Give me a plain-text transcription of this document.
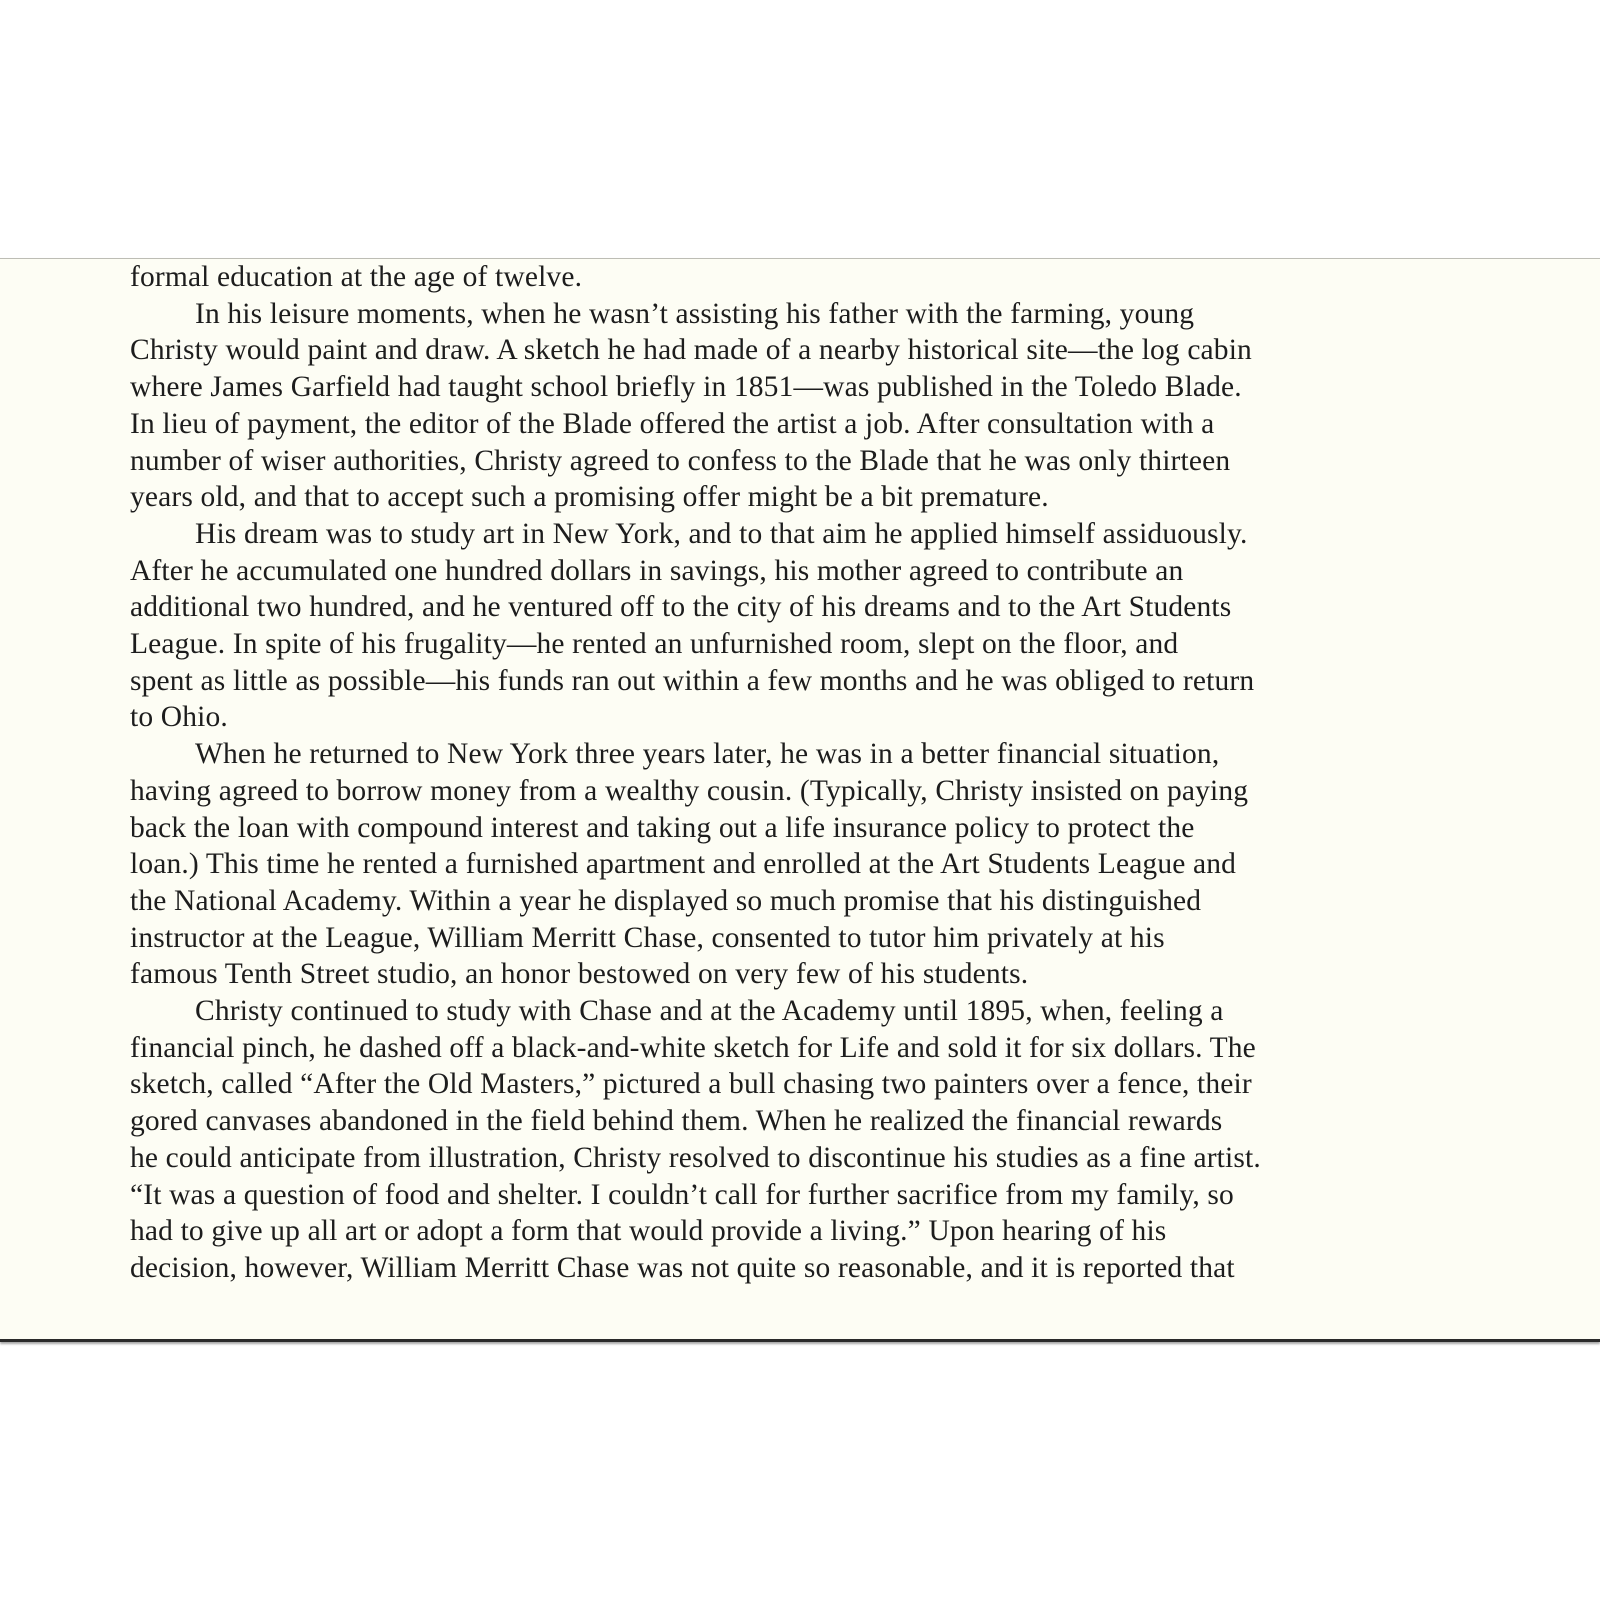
formal education at the age of twelve.
In his leisure moments, when he wasn’t assisting his father with the farming, young
Christy would paint and draw. A sketch he had made of a nearby historical site—the log cabin
where James Garfield had taught school briefly in 1851—was published in the Toledo Blade.
In lieu of payment, the editor of the Blade offered the artist a job. After consultation with a
number of wiser authorities, Christy agreed to confess to the Blade that he was only thirteen
years old, and that to accept such a promising offer might be a bit premature.
His dream was to study art in New York, and to that aim he applied himself assiduously.
After he accumulated one hundred dollars in savings, his mother agreed to contribute an
additional two hundred, and he ventured off to the city of his dreams and to the Art Students
League. In spite of his frugality—he rented an unfurnished room, slept on the floor, and
spent as little as possible—his funds ran out within a few months and he was obliged to return
to Ohio.
When he returned to New York three years later, he was in a better financial situation,
having agreed to borrow money from a wealthy cousin. (Typically, Christy insisted on paying
back the loan with compound interest and taking out a life insurance policy to protect the
loan.) This time he rented a furnished apartment and enrolled at the Art Students League and
the National Academy. Within a year he displayed so much promise that his distinguished
instructor at the League, William Merritt Chase, consented to tutor him privately at his
famous Tenth Street studio, an honor bestowed on very few of his students.
Christy continued to study with Chase and at the Academy until 1895, when, feeling a
financial pinch, he dashed off a black-and-white sketch for Life and sold it for six dollars. The
sketch, called “After the Old Masters,” pictured a bull chasing two painters over a fence, their
gored canvases abandoned in the field behind them. When he realized the financial rewards
he could anticipate from illustration, Christy resolved to discontinue his studies as a fine artist.
“It was a question of food and shelter. I couldn’t call for further sacrifice from my family, so
had to give up all art or adopt a form that would provide a living.” Upon hearing of his
decision, however, William Merritt Chase was not quite so reasonable, and it is reported that
